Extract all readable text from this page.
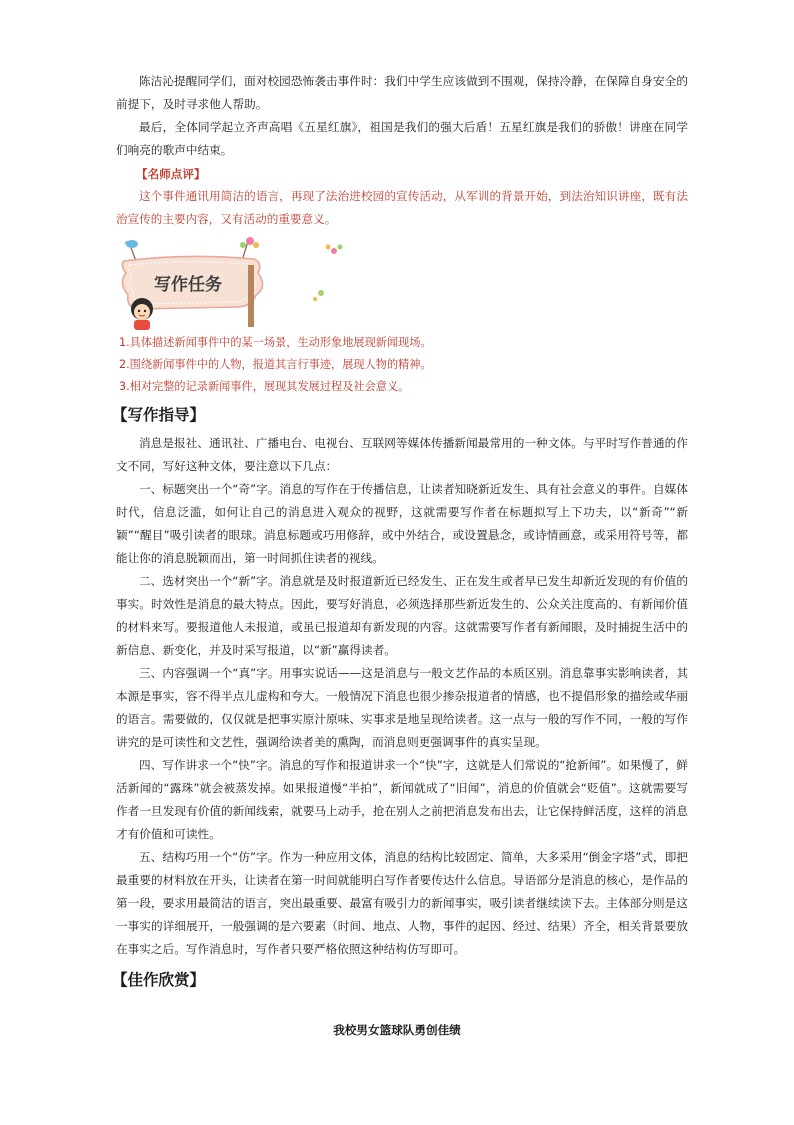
陈洁沁提醒同学们，面对校园恐怖袭击事件时：我们中学生应该做到不围观，保持冷静，在保障自身安全的前提下，及时寻求他人帮助。

最后，全体同学起立齐声高唱《五星红旗》，祖国是我们的强大后盾！五星红旗是我们的骄傲！讲座在同学们响亮的歌声中结束。

【名师点评】

这个事件通讯用简洁的语言，再现了法治进校园的宣传活动，从军训的背景开始，到法治知识讲座，既有法治宣传的主要内容，又有活动的重要意义。

写作任务
1.具体描述新闻事件中的某一场景，生动形象地展现新闻现场。
2.围绕新闻事件中的人物，报道其言行事迹，展现人物的精神。
3.相对完整的记录新闻事件，展现其发展过程及社会意义。
【写作指导】

消息是报社、通讯社、广播电台、电视台、互联网等媒体传播新闻最常用的一种文体。与平时写作普通的作文不同，写好这种文体，要注意以下几点：

一、标题突出一个“奇”字。消息的写作在于传播信息，让读者知晓新近发生、具有社会意义的事件。自媒体时代，信息泛滥，如何让自己的消息进入观众的视野，这就需要写作者在标题拟写上下功夫，以“新奇”“新颖”“醒目”吸引读者的眼球。消息标题或巧用修辞，或中外结合，或设置悬念，或诗情画意，或采用符号等，都能让你的消息脱颖而出，第一时间抓住读者的视线。

二、选材突出一个“新”字。消息就是及时报道新近已经发生、正在发生或者早已发生却新近发现的有价值的事实。时效性是消息的最大特点。因此，要写好消息，必须选择那些新近发生的、公众关注度高的、有新闻价值的材料来写。要报道他人未报道，或虽已报道却有新发现的内容。这就需要写作者有新闻眼，及时捕捉生活中的新信息、新变化，并及时采写报道，以“新”赢得读者。

三、内容强调一个“真”字。用事实说话——这是消息与一般文艺作品的本质区别。消息靠事实影响读者，其本源是事实，容不得半点儿虚构和夸大。一般情况下消息也很少掺杂报道者的情感，也不提倡形象的描绘或华丽的语言。需要做的，仅仅就是把事实原汁原味、实事求是地呈现给读者。这一点与一般的写作不同，一般的写作讲究的是可读性和文艺性，强调给读者美的熏陶，而消息则更强调事件的真实呈现。

四、写作讲求一个“快”字。消息的写作和报道讲求一个“快”字，这就是人们常说的“抢新闻”。如果慢了，鲜活新闻的“露珠”就会被蒸发掉。如果报道慢“半拍”，新闻就成了“旧闻”，消息的价值就会“贬值”。这就需要写作者一旦发现有价值的新闻线索，就要马上动手，抢在别人之前把消息发布出去，让它保持鲜活度，这样的消息才有价值和可读性。

五、结构巧用一个“仿”字。作为一种应用文体，消息的结构比较固定、简单，大多采用“倒金字塔”式，即把最重要的材料放在开头，让读者在第一时间就能明白写作者要传达什么信息。导语部分是消息的核心，是作品的第一段，要求用最简洁的语言，突出最重要、最富有吸引力的新闻事实，吸引读者继续读下去。主体部分则是这一事实的详细展开，一般强调的是六要素（时间、地点、人物，事件的起因、经过、结果）齐全，相关背景要放在事实之后。写作消息时，写作者只要严格依照这种结构仿写即可。

【佳作欣赏】
我校男女篮球队勇创佳绩
